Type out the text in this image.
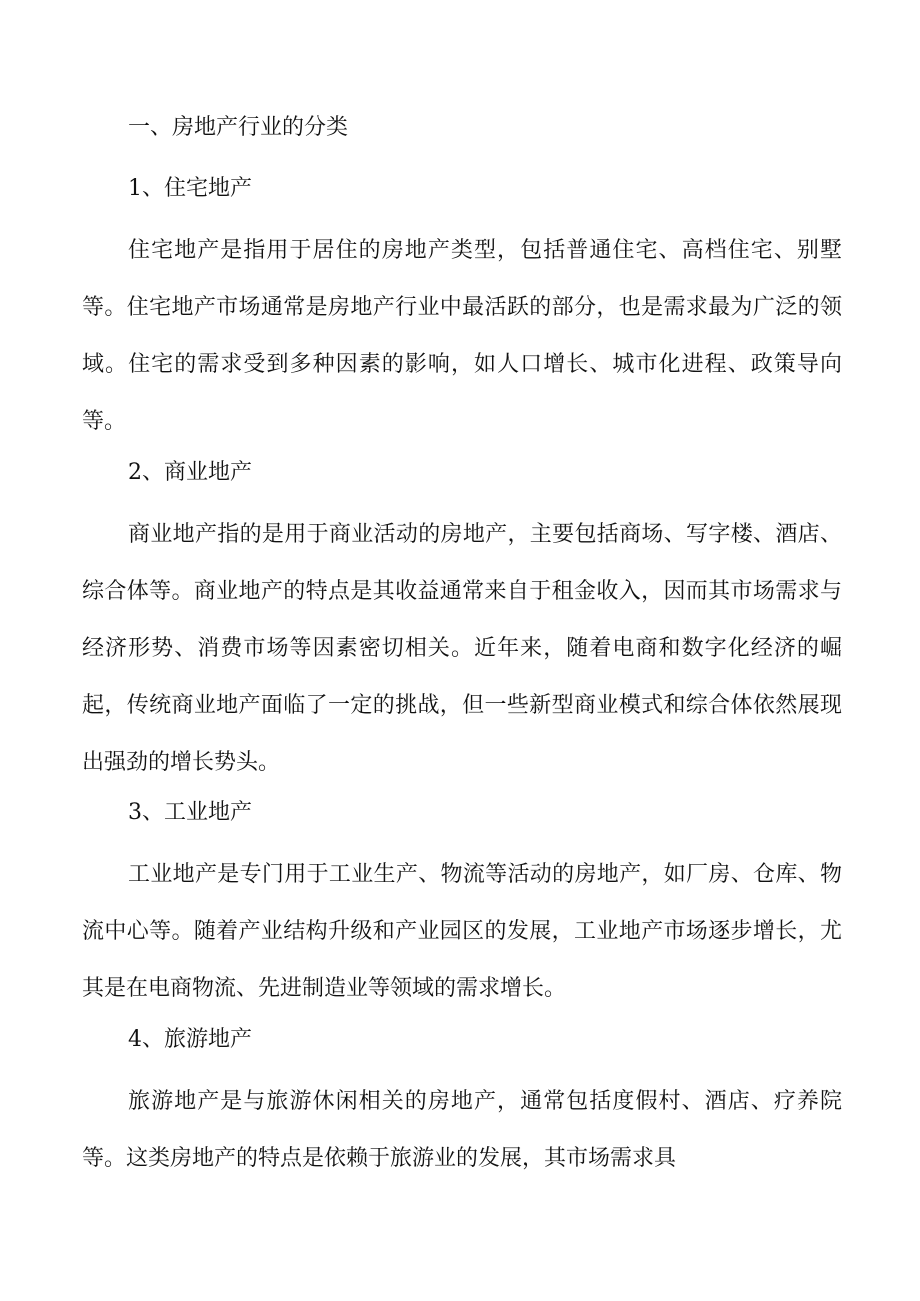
一、房地产行业的分类
1、住宅地产
住宅地产是指用于居住的房地产类型，包括普通住宅、高档住宅、别墅等。住宅地产市场通常是房地产行业中最活跃的部分，也是需求最为广泛的领域。住宅的需求受到多种因素的影响，如人口增长、城市化进程、政策导向等。
2、商业地产
商业地产指的是用于商业活动的房地产，主要包括商场、写字楼、酒店、综合体等。商业地产的特点是其收益通常来自于租金收入，因而其市场需求与经济形势、消费市场等因素密切相关。近年来，随着电商和数字化经济的崛起，传统商业地产面临了一定的挑战，但一些新型商业模式和综合体依然展现出强劲的增长势头。
3、工业地产
工业地产是专门用于工业生产、物流等活动的房地产，如厂房、仓库、物流中心等。随着产业结构升级和产业园区的发展，工业地产市场逐步增长，尤其是在电商物流、先进制造业等领域的需求增长。
4、旅游地产
旅游地产是与旅游休闲相关的房地产，通常包括度假村、酒店、疗养院等。这类房地产的特点是依赖于旅游业的发展，其市场需求具
